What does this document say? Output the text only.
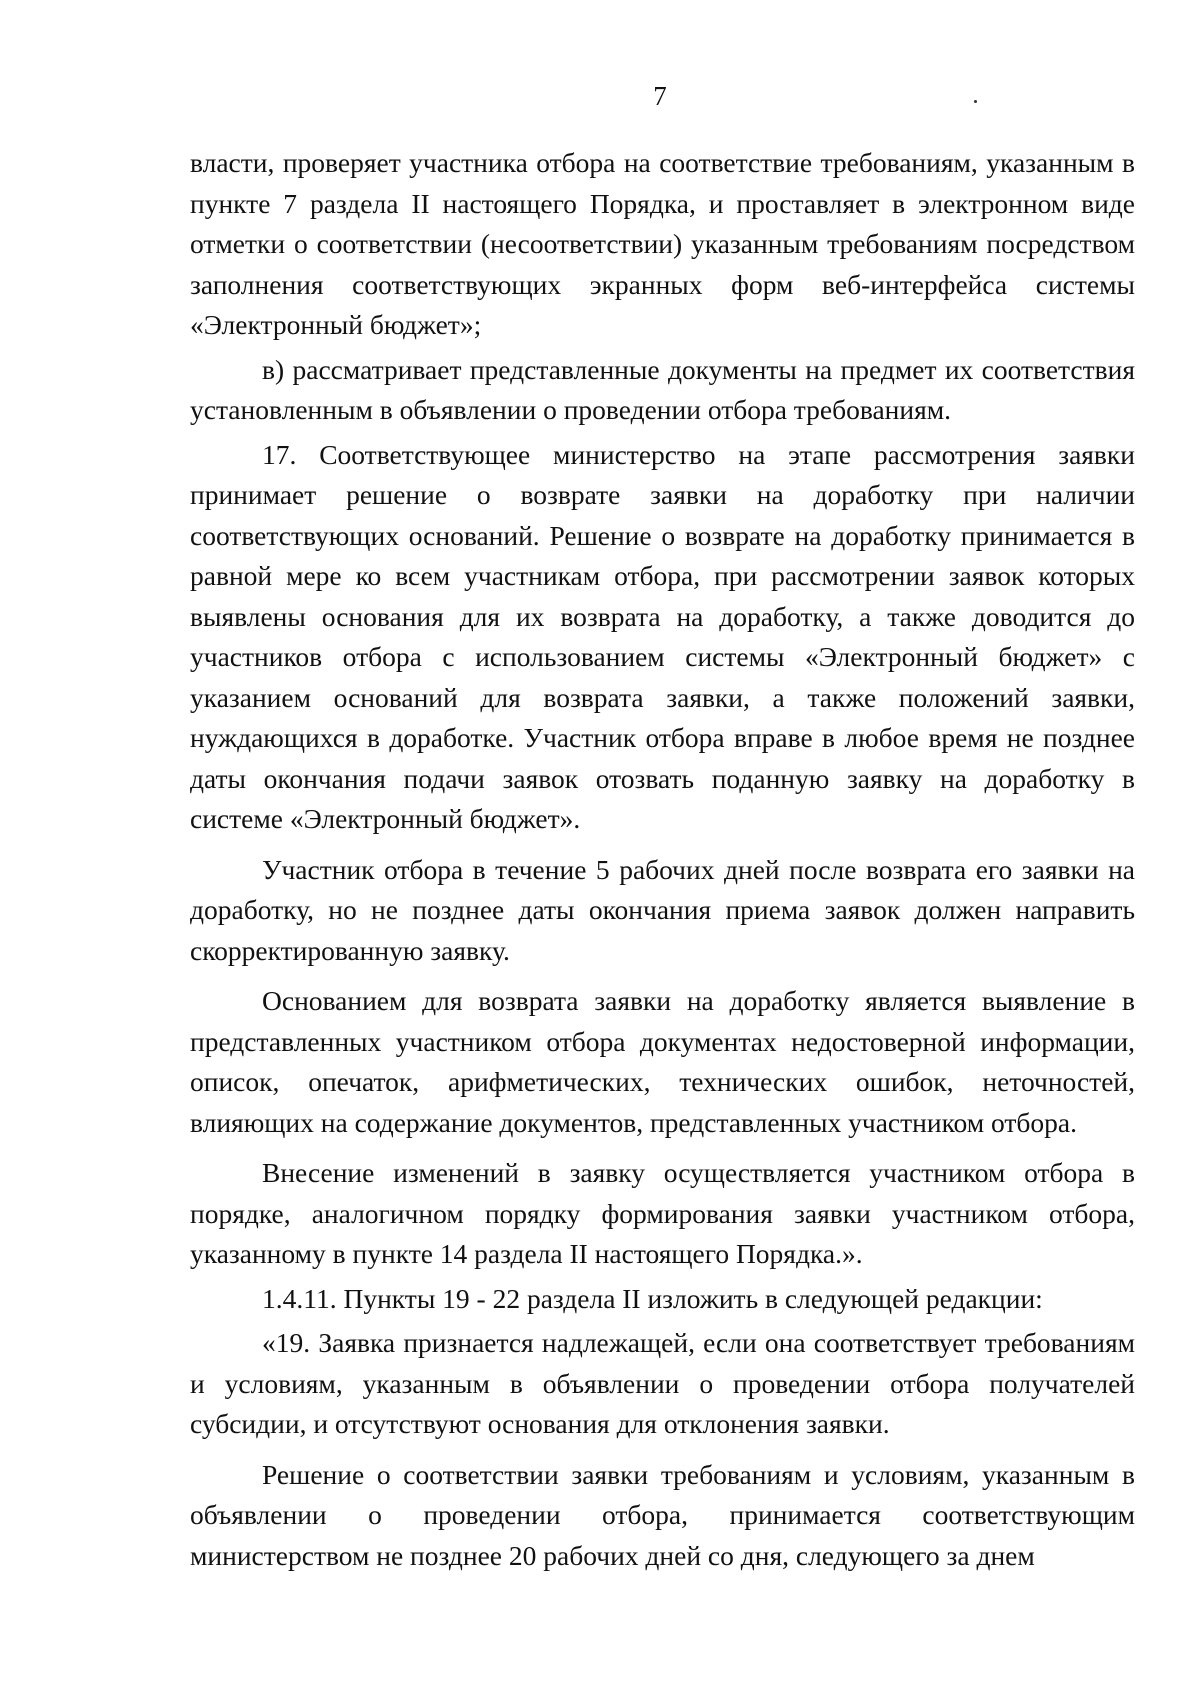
7

власти, проверяет участника отбора на соответствие требованиям, указанным в пункте 7 раздела II настоящего Порядка, и проставляет в электронном виде отметки о соответствии (несоответствии) указанным требованиям посредством заполнения соответствующих экранных форм веб-интерфейса системы «Электронный бюджет»;

в) рассматривает представленные документы на предмет их соответствия установленным в объявлении о проведении отбора требованиям.

17. Соответствующее министерство на этапе рассмотрения заявки принимает решение о возврате заявки на доработку при наличии соответствующих оснований. Решение о возврате на доработку принимается в равной мере ко всем участникам отбора, при рассмотрении заявок которых выявлены основания для их возврата на доработку, а также доводится до участников отбора с использованием системы «Электронный бюджет» с указанием оснований для возврата заявки, а также положений заявки, нуждающихся в доработке. Участник отбора вправе в любое время не позднее даты окончания подачи заявок отозвать поданную заявку на доработку в системе «Электронный бюджет».

Участник отбора в течение 5 рабочих дней после возврата его заявки на доработку, но не позднее даты окончания приема заявок должен направить скорректированную заявку.

Основанием для возврата заявки на доработку является выявление в представленных участником отбора документах недостоверной информации, описок, опечаток, арифметических, технических ошибок, неточностей, влияющих на содержание документов, представленных участником отбора.

Внесение изменений в заявку осуществляется участником отбора в порядке, аналогичном порядку формирования заявки участником отбора, указанному в пункте 14 раздела II настоящего Порядка.».

1.4.11. Пункты 19 - 22 раздела II изложить в следующей редакции:

«19. Заявка признается надлежащей, если она соответствует требованиям и условиям, указанным в объявлении о проведении отбора получателей субсидии, и отсутствуют основания для отклонения заявки.

Решение о соответствии заявки требованиям и условиям, указанным в объявлении о проведении отбора, принимается соответствующим министерством не позднее 20 рабочих дней со дня, следующего за днем
